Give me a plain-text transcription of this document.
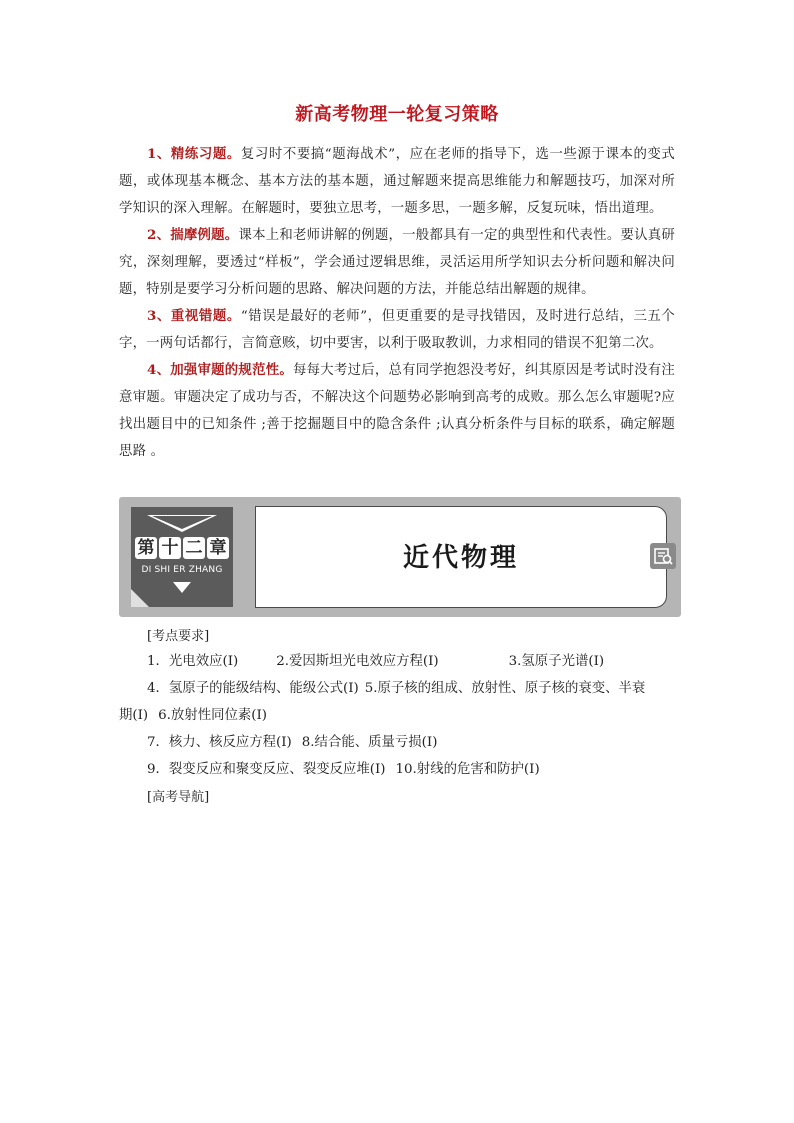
新高考物理一轮复习策略

1、精练习题。复习时不要搞“题海战术”，应在老师的指导下，选一些源于课本的变式题，或体现基本概念、基本方法的基本题，通过解题来提高思维能力和解题技巧，加深对所学知识的深入理解。在解题时，要独立思考，一题多思，一题多解，反复玩味，悟出道理。

2、揣摩例题。课本上和老师讲解的例题，一般都具有一定的典型性和代表性。要认真研究，深刻理解，要透过“样板”，学会通过逻辑思维，灵活运用所学知识去分析问题和解决问题，特别是要学习分析问题的思路、解决问题的方法，并能总结出解题的规律。

3、重视错题。“错误是最好的老师”，但更重要的是寻找错因，及时进行总结，三五个字，一两句话都行，言简意赅，切中要害，以利于吸取教训，力求相同的错误不犯第二次。

4、加强审题的规范性。每每大考过后，总有同学抱怨没考好，纠其原因是考试时没有注意审题。审题决定了成功与否，不解决这个问题势必影响到高考的成败。那么怎么审题呢?应找出题目中的已知条件 ;善于挖掘题目中的隐含条件 ;认真分析条件与目标的联系，确定解题思路 。

第 十 二 章
DI SHI ER ZHANG	近代物理
[考点要求]

1．光电效应(Ⅰ)	2.爱因斯坦光电效应方程(Ⅰ)	3.氢原子光谱(Ⅰ)

4．氢原子的能级结构、能级公式(Ⅰ) 5.原子核的组成、放射性、原子核的衰变、半衰

期(Ⅰ) 6.放射性同位素(Ⅰ)

7．核力、核反应方程(Ⅰ) 8.结合能、质量亏损(Ⅰ)

9．裂变反应和聚变反应、裂变反应堆(Ⅰ) 10.射线的危害和防护(Ⅰ)

[高考导航]
